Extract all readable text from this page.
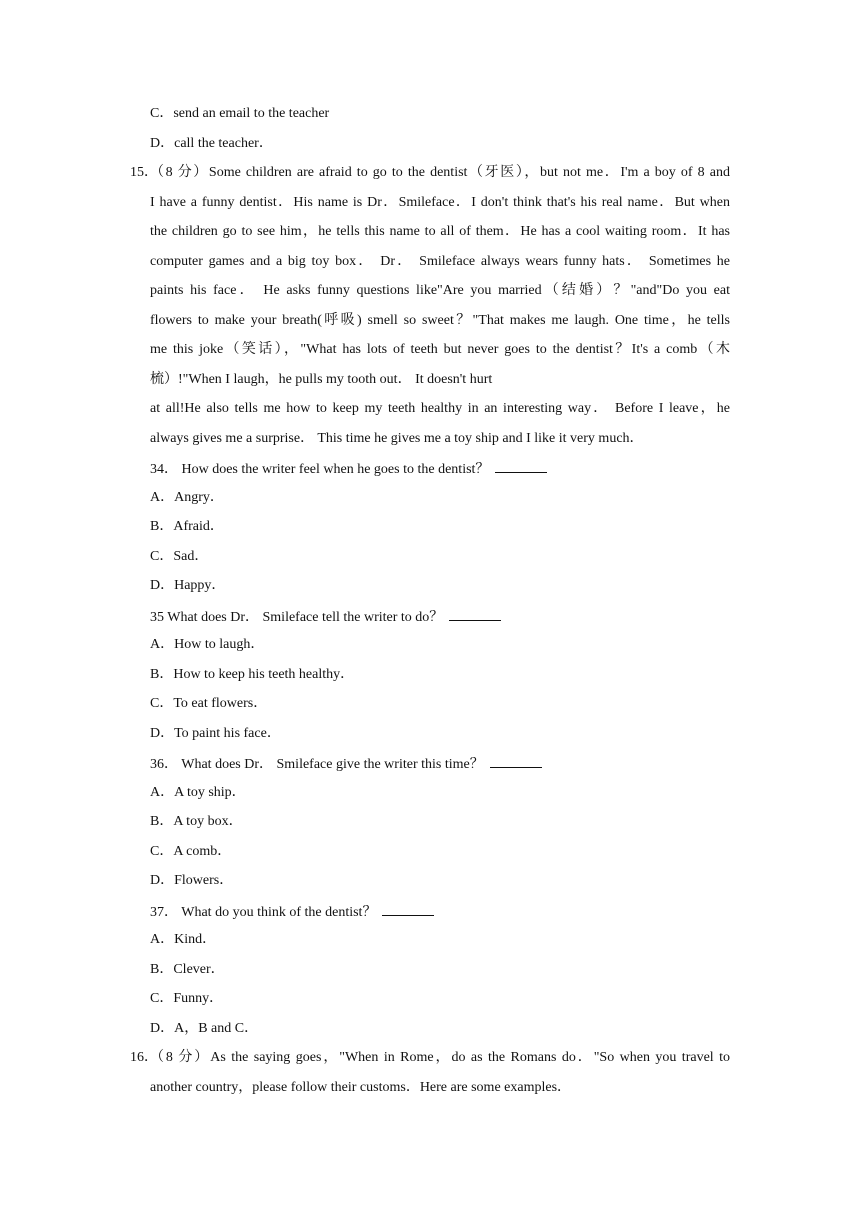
C．send an email to the teacher
D．call the teacher．
15．
（8 分）Some children are afraid to go to the dentist（牙医），but not me．I'm a boy of 8 and
I have a funny dentist．His name is Dr．Smileface．I don't think that's his real name．But when
the children go to see him，he tells this name to all of them．He has a cool waiting room．It has
computer games and a big toy box． Dr． Smileface always wears funny hats． Sometimes he
paints his face． He asks funny questions like"Are you married（结婚）？"and"Do you eat
flowers to make your breath(呼吸) smell so sweet？"That makes me laugh. One time，he tells
me this joke（笑话），"What has lots of teeth but never goes to the dentist？It's a comb（木
梳）!"When I laugh，he pulls my tooth out． It doesn't hurt
at all!He also tells me how to keep my teeth healthy in an interesting way． Before I leave，he
always gives me a surprise． This time he gives me a toy ship and I like it very much．
34． How does the writer feel when he goes to the dentist？
A．Angry．
B．Afraid．
C．Sad．
D．Happy．
35 What does Dr． Smileface tell the writer to do？
A．How to laugh．
B．How to keep his teeth healthy．
C．To eat flowers．
D．To paint his face．
36． What does Dr． Smileface give the writer this time？
A．A toy ship．
B．A toy box．
C．A comb．
D．Flowers．
37． What do you think of the dentist？
A．Kind．
B．Clever．
C．Funny．
D．A，B and C．
16．
（8 分）As the saying goes，"When in Rome，do as the Romans do．"So when you travel to
another country，please follow their customs．Here are some examples．
